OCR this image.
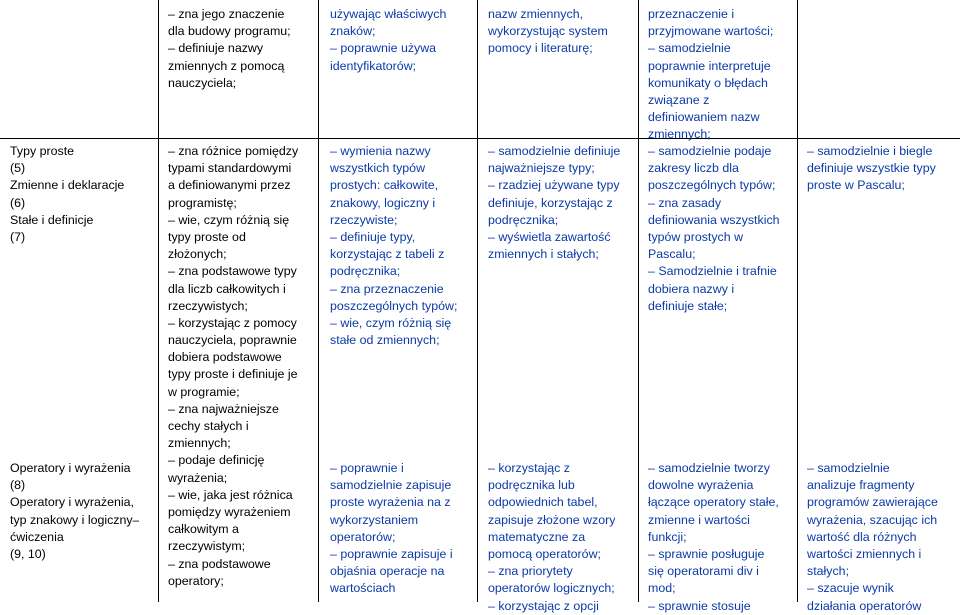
Typy proste
(5)
Zmienne i deklaracje
(6)
Stałe i definicje
(7)
Operatory i wyrażenia
(8)
Operatory i wyrażenia,
typ znakowy i logiczny–
ćwiczenia
(9, 10)
– zna jego znaczenie
dla budowy programu;
– definiuje nazwy
zmiennych z pomocą
nauczyciela;
– zna różnice pomiędzy
typami standardowymi
a definiowanymi przez
programistę;
– wie, czym różnią się
typy proste od
złożonych;
– zna podstawowe typy
dla liczb całkowitych i
rzeczywistych;
– korzystając z pomocy
nauczyciela, poprawnie
dobiera podstawowe
typy proste i definiuje je
w programie;
– zna najważniejsze
cechy stałych i
zmiennych;
– podaje definicję
wyrażenia;
– wie, jaka jest różnica
pomiędzy wyrażeniem
całkowitym a
rzeczywistym;
– zna podstawowe
operatory;
używając właściwych
znaków;
– poprawnie używa
identyfikatorów;
– wymienia nazwy
wszystkich typów
prostych: całkowite,
znakowy, logiczny i
rzeczywiste;
– definiuje typy,
korzystając z tabeli z
podręcznika;
– zna przeznaczenie
poszczególnych typów;
– wie, czym różnią się
stałe od zmiennych;
– poprawnie i
samodzielnie zapisuje
proste wyrażenia na z
wykorzystaniem
operatorów;
– poprawnie zapisuje i
objaśnia operacje na
wartościach
nazw zmiennych,
wykorzystując system
pomocy i literaturę;
– samodzielnie definiuje
najważniejsze typy;
– rzadziej używane typy
definiuje, korzystając z
podręcznika;
– wyświetla zawartość
zmiennych i stałych;
– korzystając z
podręcznika lub
odpowiednich tabel,
zapisuje złożone wzory
matematyczne za
pomocą operatorów;
– zna priorytety
operatorów logicznych;
– korzystając z opcji
przeznaczenie i
przyjmowane wartości;
– samodzielnie
poprawnie interpretuje
komunikaty o błędach
związane z
definiowaniem nazw
zmiennych;
– samodzielnie podaje
zakresy liczb dla
poszczególnych typów;
– zna zasady
definiowania wszystkich
typów prostych w
Pascalu;
– Samodzielnie i trafnie
dobiera nazwy i
definiuje stałe;
– samodzielnie tworzy
dowolne wyrażenia
łączące operatory stałe,
zmienne i wartości
funkcji;
– sprawnie posługuje
się operatorami div i
mod;
– sprawnie stosuje
– samodzielnie i biegle
definiuje wszystkie typy
proste w Pascalu;
– samodzielnie
analizuje fragmenty
programów zawierające
wyrażenia, szacując ich
wartość dla różnych
wartości zmiennych i
stałych;
– szacuje wynik
działania operatorów
